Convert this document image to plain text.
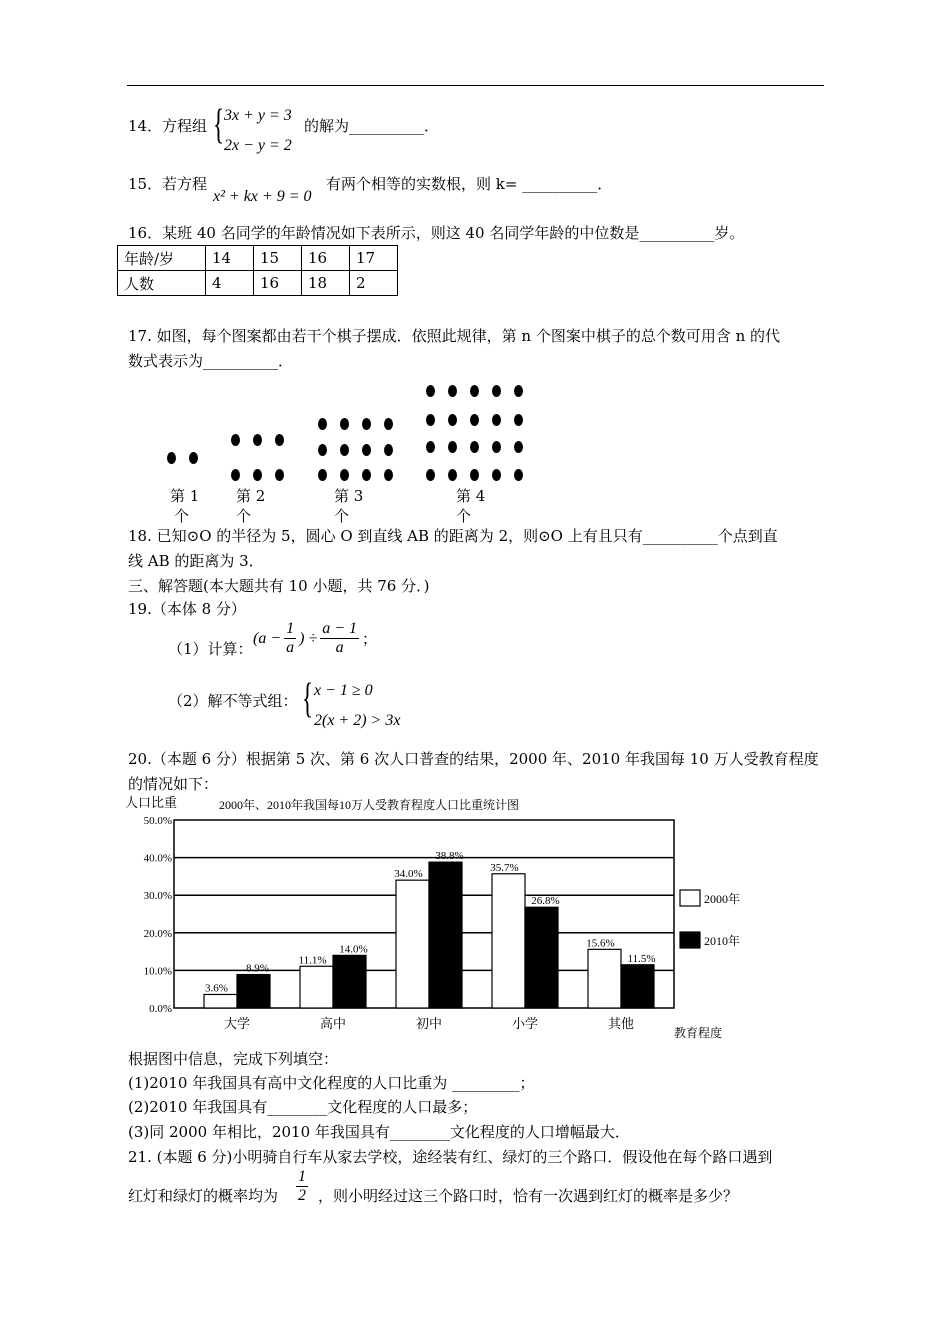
14． 方程组 { 3x + y = 3
2x − y = 2
的解为__________．
15． 若方程
x² + kx + 9 = 0
有两个相等的实数根，则 k= __________．
16．某班 40 名同学的年龄情况如下表所示，则这 40 名同学年龄的中位数是__________岁。
年龄/岁	14	15	16	17
人数	4	16	18	2
17. 如图，每个图案都由若干个棋子摆成．依照此规律，第 n 个图案中棋子的总个数可用含 n 的代
数式表示为__________．
第 1
个
第 2
个
第 3
个
第 4
个
18. 已知⊙O 的半径为 5，圆心 O 到直线 AB 的距离为 2，则⊙O 上有且只有__________个点到直
线 AB 的距离为 3．
三、解答题(本大题共有 10 小题，共 76 分．)
19.（本体 8 分）
（1）计算：
($a - \frac{1}{a}$ ) ÷ $\frac{a - 1}{a}$ ；
（2）解不等式组： { x − 1 ≥ 0
2(x + 2) > 3x
20.（本题 6 分）根据第 5 次、第 6 次人口普查的结果，2000 年、2010 年我国每 10 万人受教育程度
的情况如下：
人口比重	2000年、2010年我国每10万人受教育程度人口比重统计图
教育程度
0.0%
10.0%
20.0%
30.0%
40.0%
50.0%
3.6%
8.9%
11.1%
14.0%
34.0%
38.8%
35.7%
26.8%
15.6%
11.5%
大学	高中	初中	小学	其他
2000年
2010年
根据图中信息，完成下列填空：
(1)2010 年我国具有高中文化程度的人口比重为 _________；
(2)2010 年我国具有________文化程度的人口最多；
(3)同 2000 年相比，2010 年我国具有________文化程度的人口增幅最大．
21. (本题 6 分)小明骑自行车从家去学校，途经装有红、绿灯的三个路口．假设他在每个路口遇到
红灯和绿灯的概率均为 $\frac{1}{2}$ ，则小明经过这三个路口时，恰有一次遇到红灯的概率是多少？
